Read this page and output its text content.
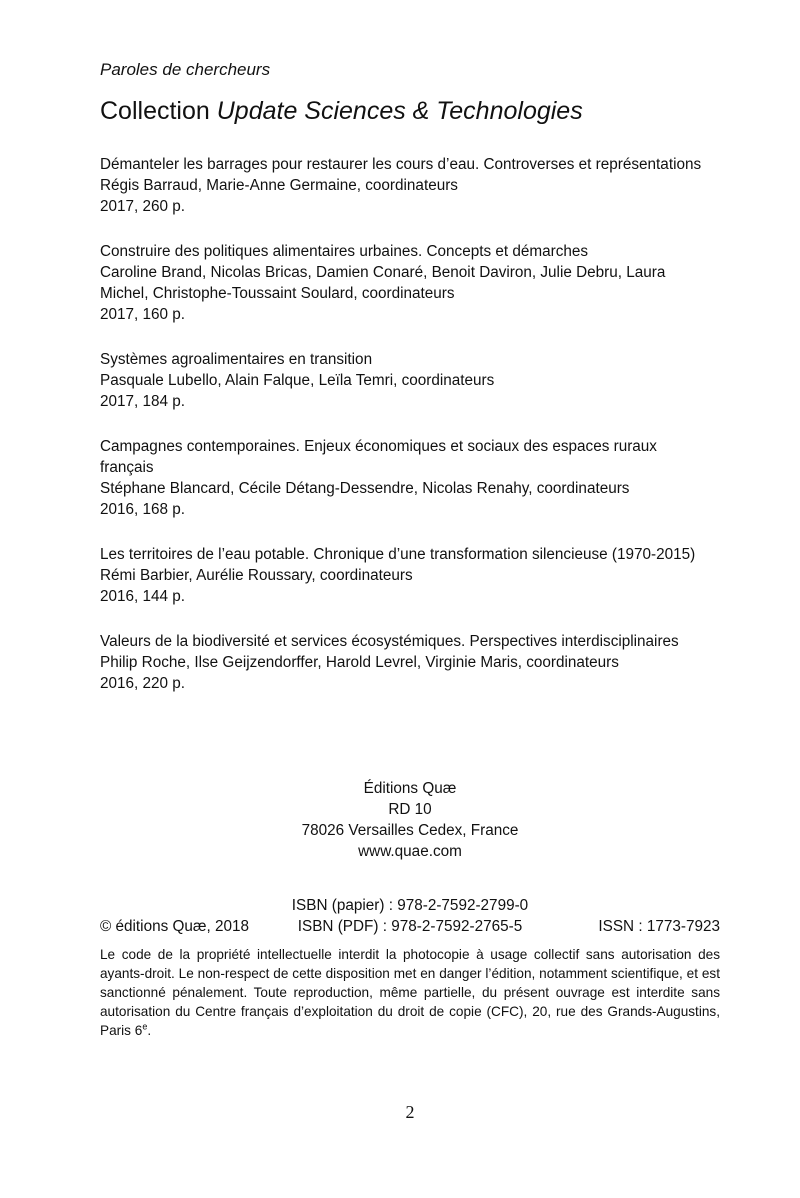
Paroles de chercheurs
Collection Update Sciences & Technologies
Démanteler les barrages pour restaurer les cours d’eau. Controverses et représentations
Régis Barraud, Marie-Anne Germaine, coordinateurs
2017, 260 p.
Construire des politiques alimentaires urbaines. Concepts et démarches
Caroline Brand, Nicolas Bricas, Damien Conaré, Benoit Daviron, Julie Debru, Laura
Michel, Christophe-Toussaint Soulard, coordinateurs
2017, 160 p.
Systèmes agroalimentaires en transition
Pasquale Lubello, Alain Falque, Leïla Temri, coordinateurs
2017, 184 p.
Campagnes contemporaines. Enjeux économiques et sociaux des espaces ruraux
français
Stéphane Blancard, Cécile Détang-Dessendre, Nicolas Renahy, coordinateurs
2016, 168 p.
Les territoires de l’eau potable. Chronique d’une transformation silencieuse (1970-2015)
Rémi Barbier, Aurélie Roussary, coordinateurs
2016, 144 p.
Valeurs de la biodiversité et services écosystémiques. Perspectives interdisciplinaires
Philip Roche, Ilse Geijzendorffer, Harold Levrel, Virginie Maris, coordinateurs
2016, 220 p.
Éditions Quæ
RD 10
78026 Versailles Cedex, France
www.quae.com
ISBN (papier) : 978-2-7592-2799-0
© éditions Quæ, 2018	ISBN (PDF) : 978-2-7592-2765-5	ISSN : 1773-7923

Le code de la propriété intellectuelle interdit la photocopie à usage collectif sans autorisation des ayants-droit. Le non-respect de cette disposition met en danger l’édition, notamment scientifique, et est sanctionné pénalement. Toute reproduction, même partielle, du présent ouvrage est interdite sans autorisation du Centre français d’exploitation du droit de copie (CFC), 20, rue des Grands-Augustins, Paris 6e.

2
